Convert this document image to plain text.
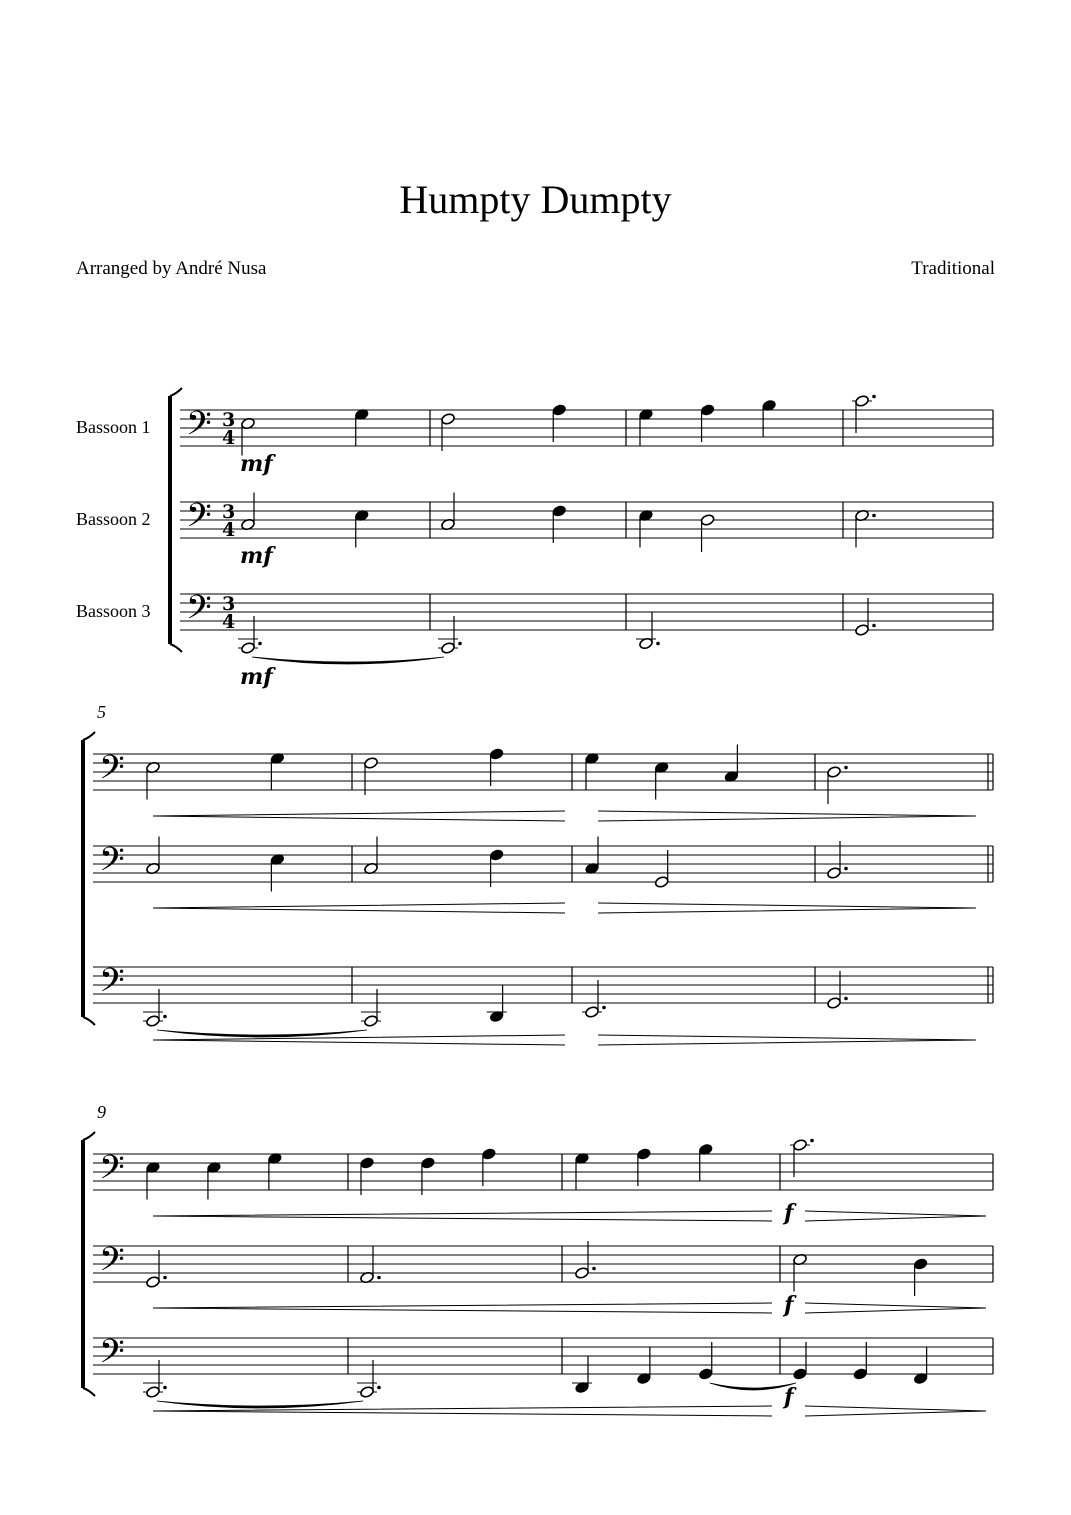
Humpty Dumpty
Arranged by André Nusa	Traditional
Bassoon 1 𝄢 3
4
mf
Bassoon 2 𝄢 3
4
mf
Bassoon 3 𝄢 3
4
mf
5
𝄢
𝄢
𝄢
9
𝄢
f
𝄢
f
𝄢
f
